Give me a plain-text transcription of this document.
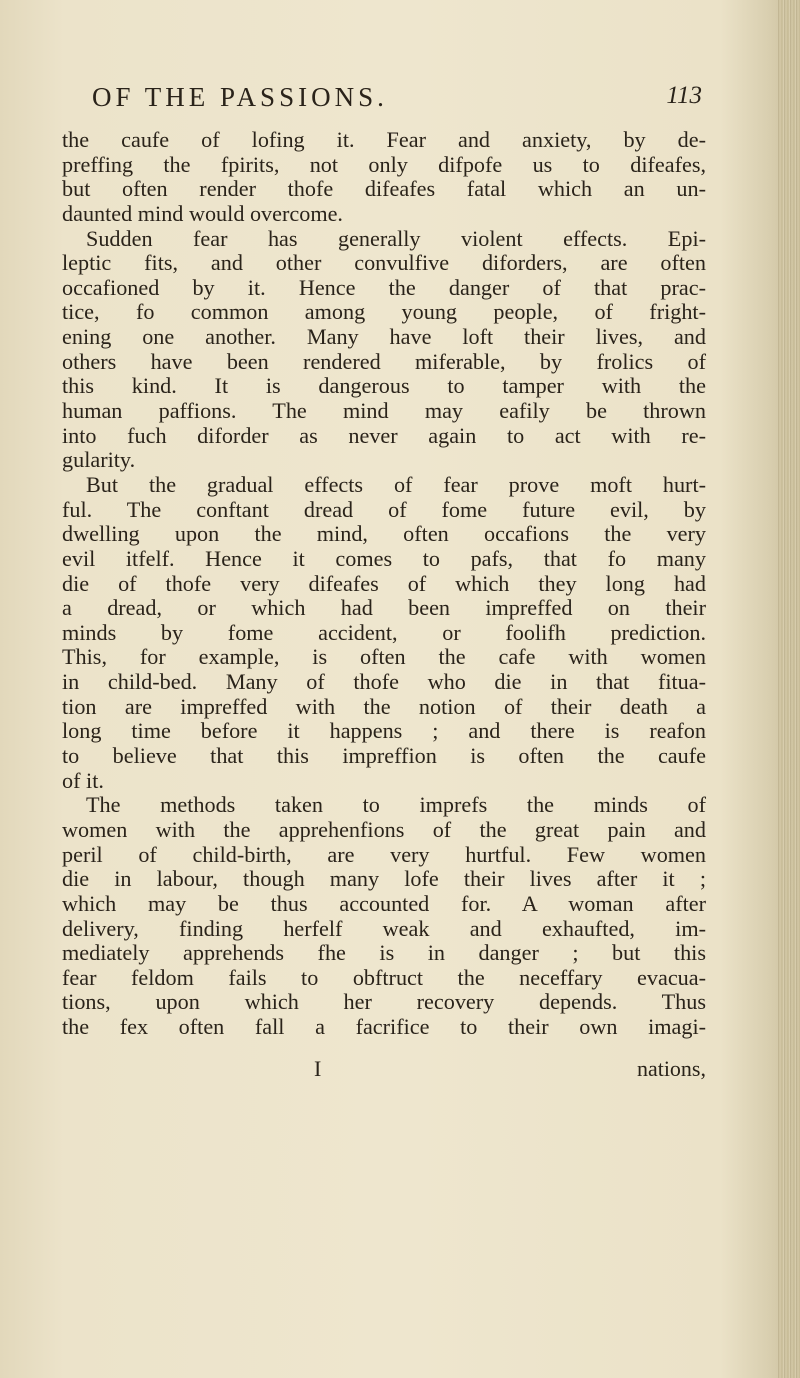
OF THE PASSIONS.	113
the caufe of lofing it. Fear and anxiety, by de-
preffing the fpirits, not only difpofe us to difeafes,
but often render thofe difeafes fatal which an un-
daunted mind would overcome.
Sudden fear has generally violent effects. Epi-
leptic fits, and other convulfive diforders, are often
occafioned by it. Hence the danger of that prac-
tice, fo common among young people, of fright-
ening one another. Many have loft their lives, and
others have been rendered miferable, by frolics of
this kind. It is dangerous to tamper with the
human paffions. The mind may eafily be thrown
into fuch diforder as never again to act with re-
gularity.
But the gradual effects of fear prove moft hurt-
ful. The conftant dread of fome future evil, by
dwelling upon the mind, often occafions the very
evil itfelf. Hence it comes to pafs, that fo many
die of thofe very difeafes of which they long had
a dread, or which had been impreffed on their
minds by fome accident, or foolifh prediction.
This, for example, is often the cafe with women
in child-bed. Many of thofe who die in that fitua-
tion are impreffed with the notion of their death a
long time before it happens ; and there is reafon
to believe that this impreffion is often the caufe
of it.
The methods taken to imprefs the minds of
women with the apprehenfions of the great pain and
peril of child-birth, are very hurtful. Few women
die in labour, though many lofe their lives after it ;
which may be thus accounted for. A woman after
delivery, finding herfelf weak and exhaufted, im-
mediately apprehends fhe is in danger ; but this
fear feldom fails to obftruct the neceffary evacua-
tions, upon which her recovery depends. Thus
the fex often fall a facrifice to their own imagi-
I	nations,
